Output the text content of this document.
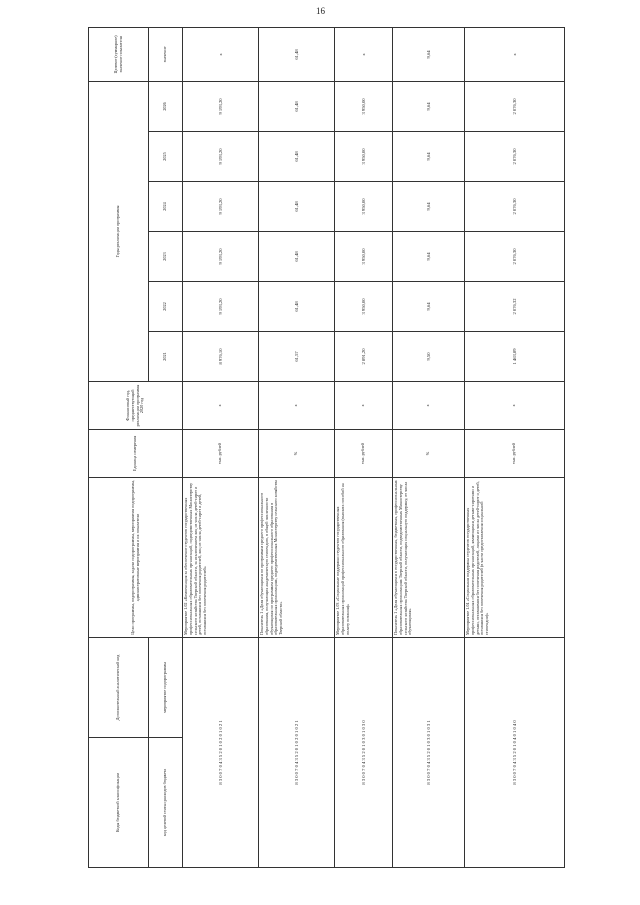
16
Коды бюджетной классификации	Дополнительный аналитический код	Цели программы, подпрограммы, задачи подпрограммы, мероприятия подпрограммы, административные мероприятия и их показатели	Единица измерения	Финансовый год, предшествующий реализации программы 2020 год	Годы реализации программы						Целевое (суммарное) значение показателя
код целевой статьи расходов бюджета	мероприятие подпрограммы				2021	2022	2023	2024	2025	2026	значение
8 3 0 0 7 0 4 3 5 2 0 1 0 2 0 1 0 2 1		Мероприятие 1.02 «Компенсация за обеспечение студентов государственных профессиональных образовательных организаций, подведомственных Министерству сельского хозяйства Тверской области, за исключением лиц из числа детей-сирот и детей, оставшихся без попечения родителей, лиц из числа детей-сирот и детей, оставшихся без попечения родителей»	тыс. рублей	х	8 976,10	9 193,20	9 193,20	9 193,20	9 193,20	9 193,20	х
8 3 0 0 7 0 4 3 5 2 0 1 0 2 0 1 0 2 1		Показатель 1 «Доля обучающихся по программам среднего профессионального образования, получающих академическую стипендию, в общей численности обучающихся по программам среднего профессионального образования в образовательных организациях, подведомственных Министерству сельского хозяйства Тверской области»	%	х	61,57	61,48	61,48	61,48	61,48	61,48	61,48
8 3 0 0 7 0 4 3 5 2 0 1 0 3 0 1 0 3 0		Мероприятие 1.03 «Социальные поддержки студентов государственных образовательных организаций профессионального образования (выплата пособий на оплату питания)»	тыс. рублей	х	2 891,20	3 950,00	3 950,00	3 950,00	3 950,00	3 950,00	х
8 3 0 0 7 0 4 3 5 2 0 1 0 3 0 1 0 3 1		Показатель 1 «Доля обучающихся в государственных, бюджетных, профессиональных образовательных организациях Тверской области, подведомственных Министерству сельского хозяйства Тверской области, получающих социальную поддержку, от числа обучающихся»	%	х	9,50	9,64	9,64	9,64	9,64	9,64	9,64
8 3 0 0 7 0 4 3 5 2 0 1 0 4 0 1 0 4 0		Мероприятие 1.04 «Социальная поддержка студентов государственных профессиональных образовательных организаций, являющихся детьми-сиротами и детьми, оставшимися без попечения родителей, лицами из числа детей-сирот и детей, оставшихся без попечения родителей (в части предоставления социальной стипендии)»	тыс. рублей	х	1 463,89	2 076,32	2 076,30	2 076,30	2 076,30	2 076,30	х
